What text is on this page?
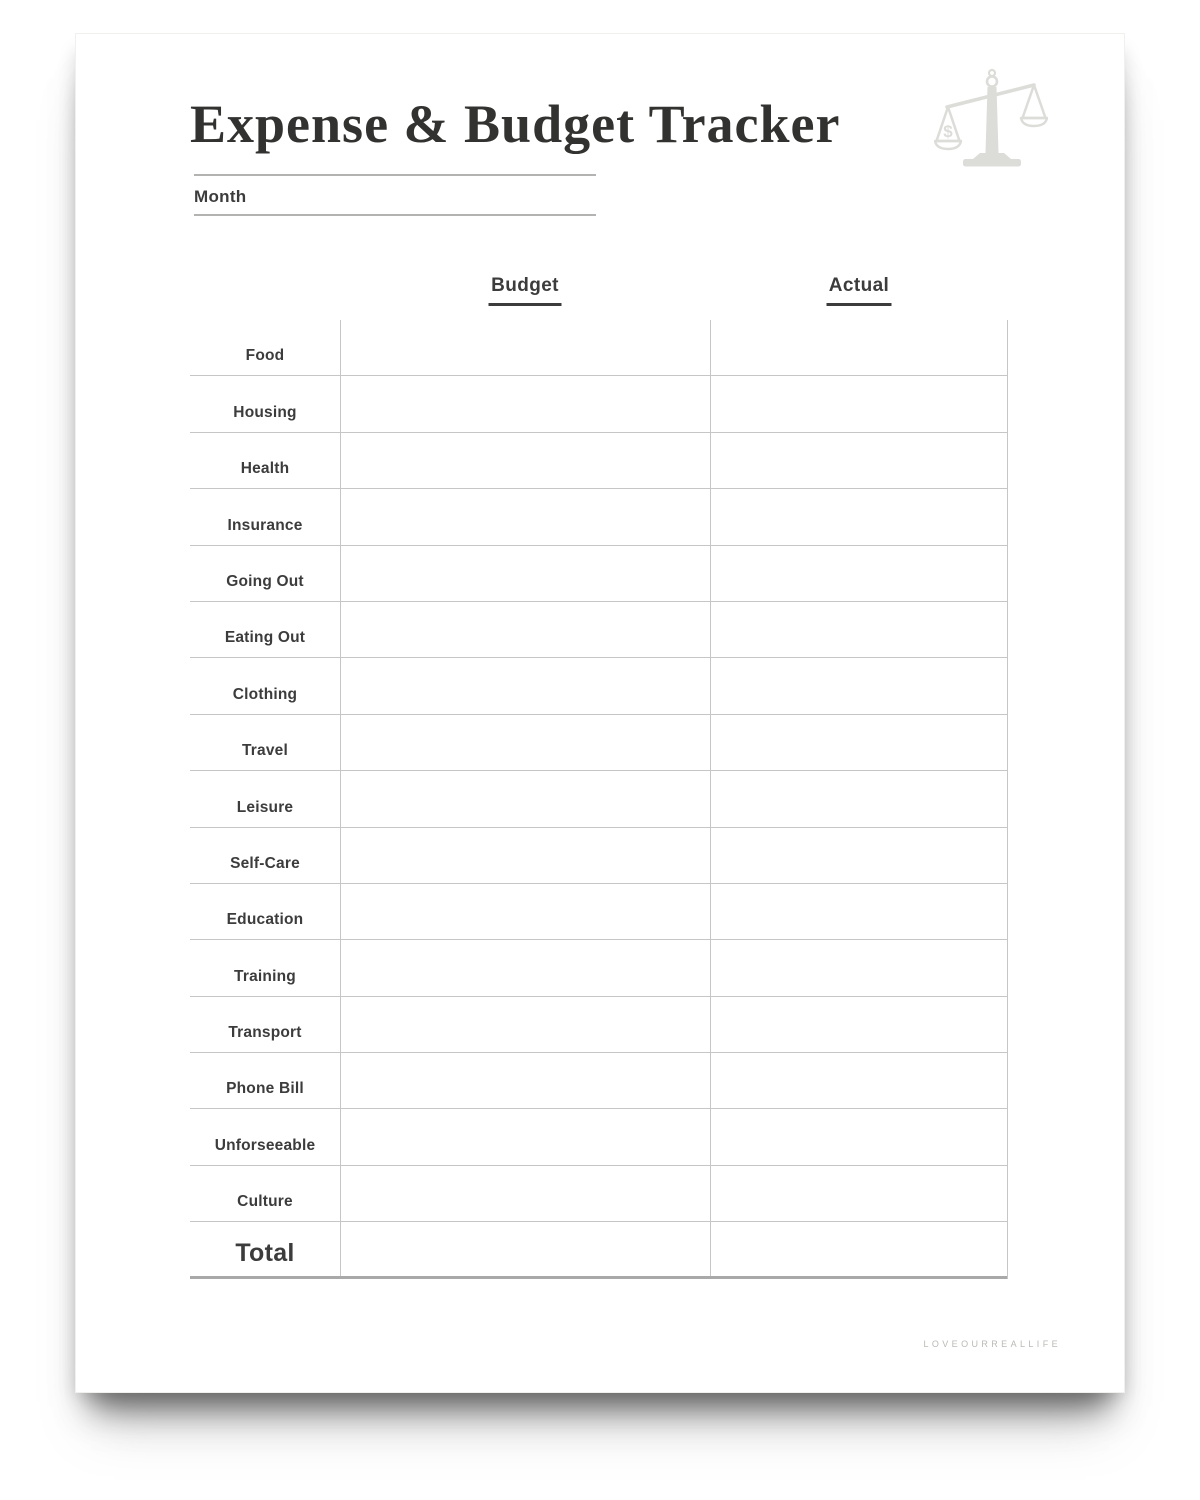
Expense & Budget Tracker	$
Month
Budget	Actual
Food
Housing
Health
Insurance
Going Out
Eating Out
Clothing
Travel
Leisure
Self-Care
Education
Training
Transport
Phone Bill
Unforseeable
Culture
Total
LOVEOURREALLIFE
